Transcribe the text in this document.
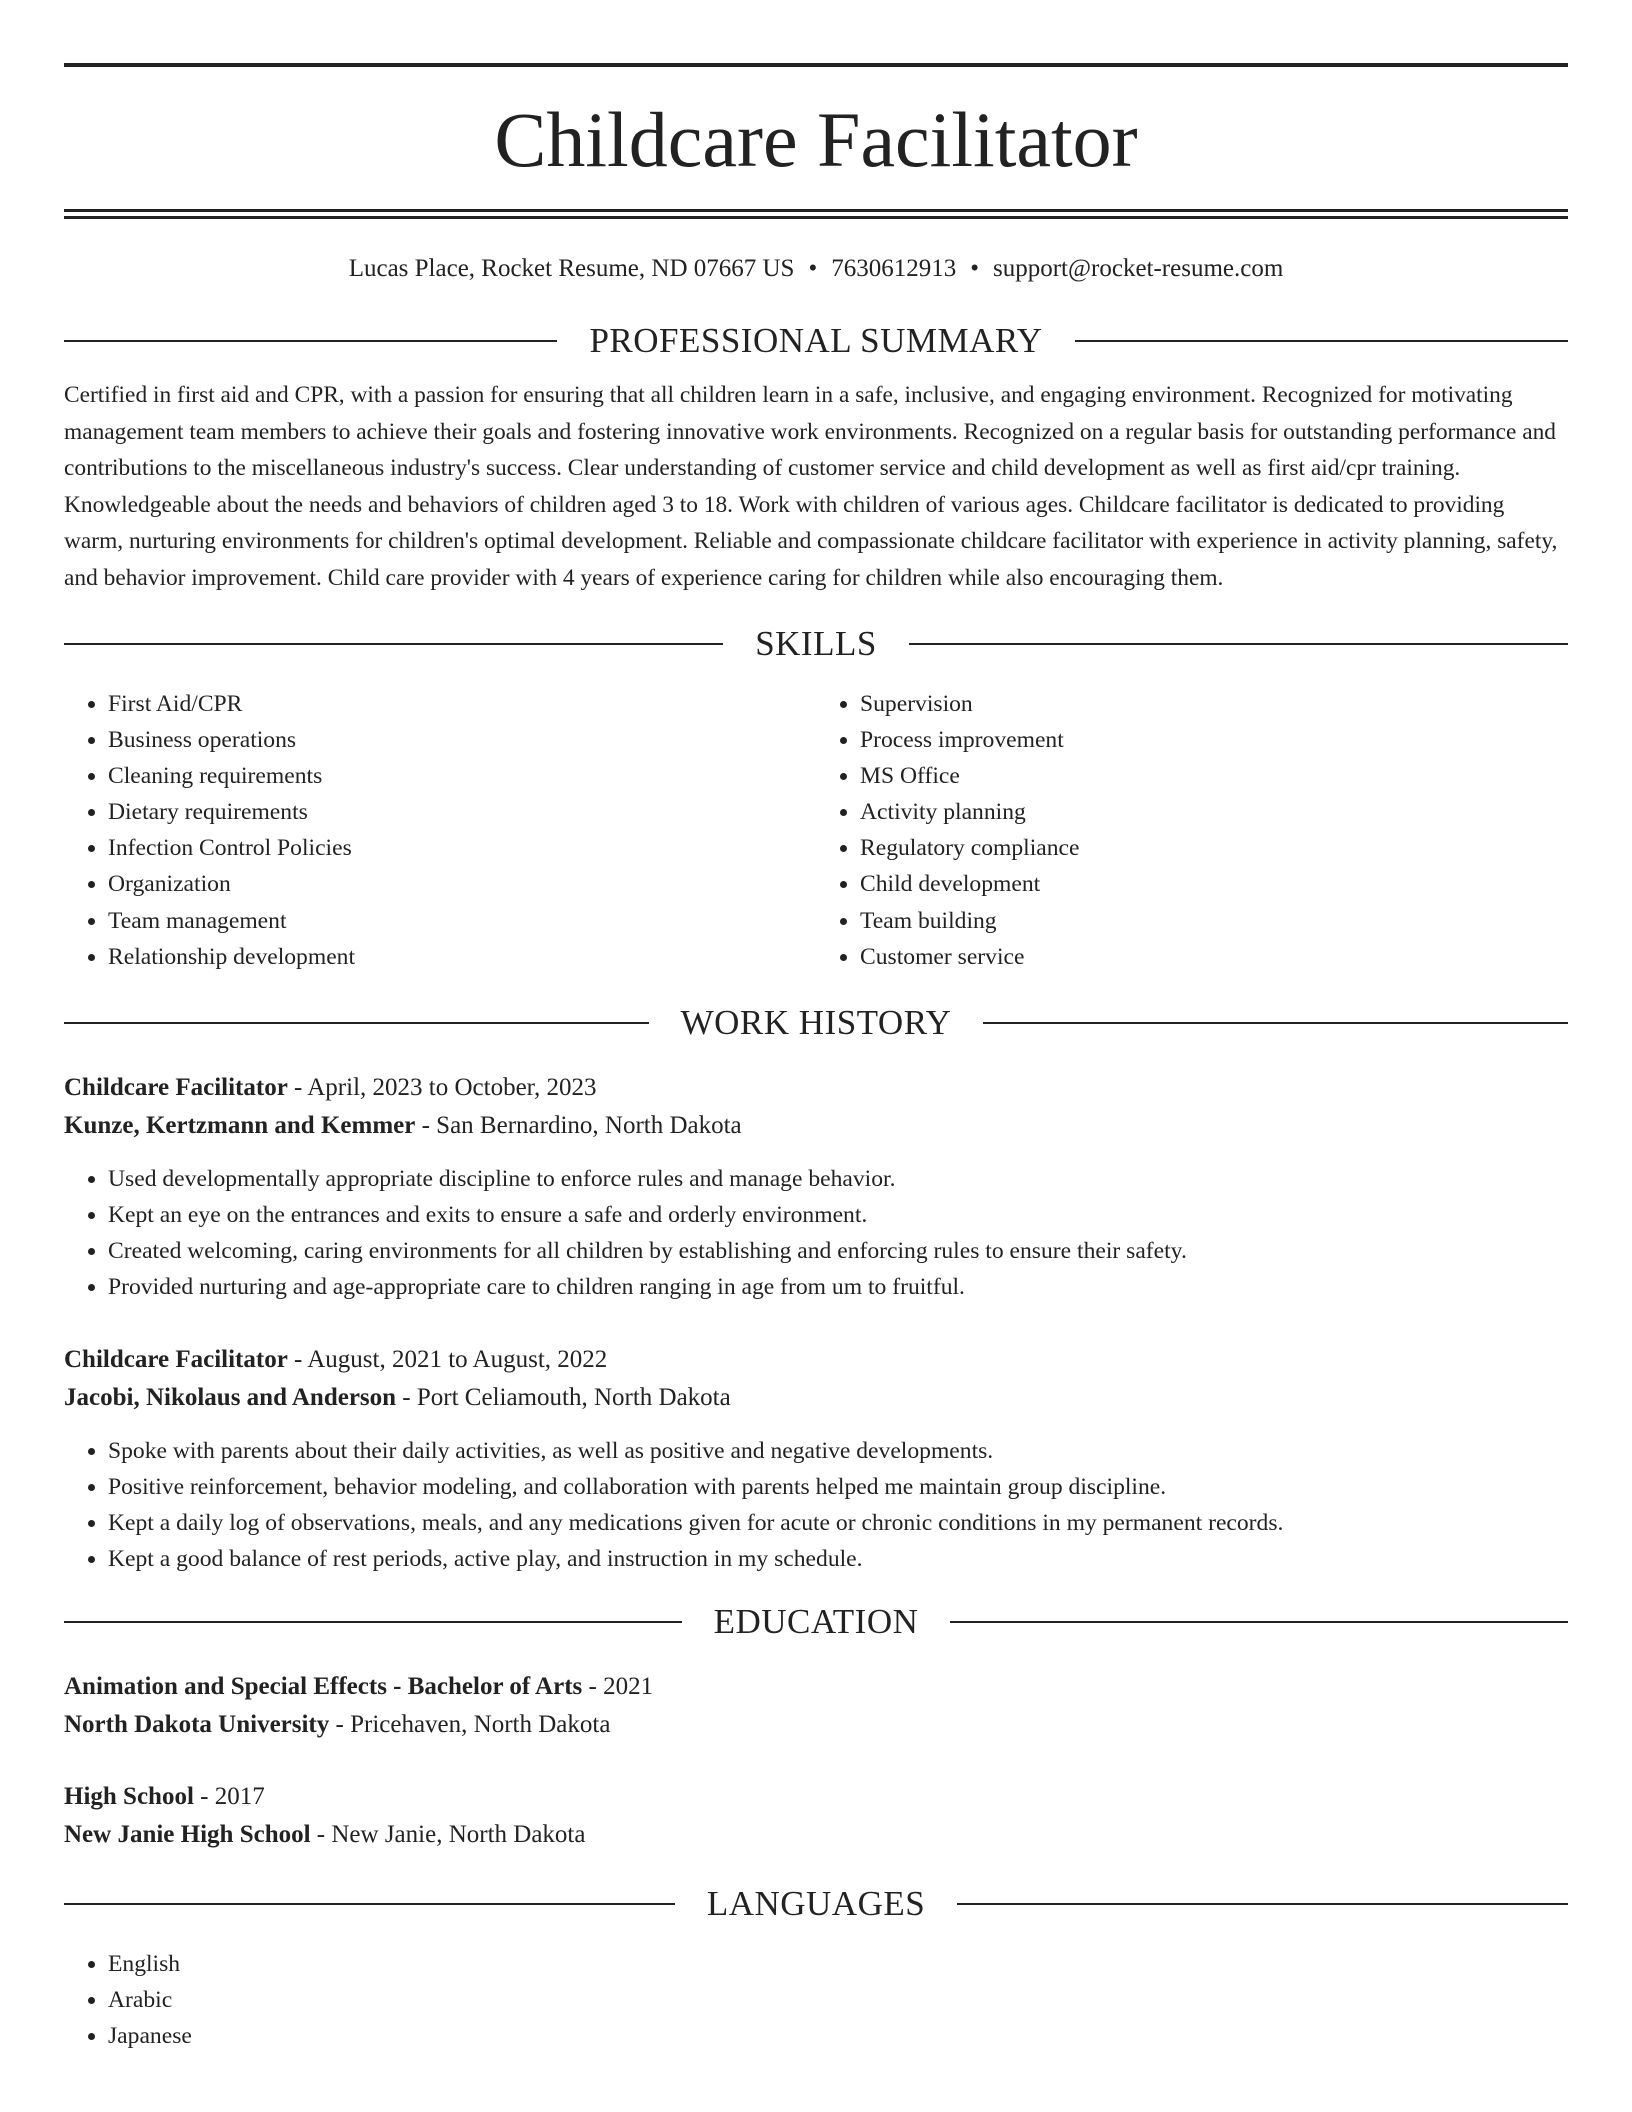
Childcare Facilitator
Lucas Place, Rocket Resume, ND 07667 US • 7630612913 • support@rocket-resume.com
PROFESSIONAL SUMMARY
Certified in first aid and CPR, with a passion for ensuring that all children learn in a safe, inclusive, and engaging environment. Recognized for motivating management team members to achieve their goals and fostering innovative work environments. Recognized on a regular basis for outstanding performance and contributions to the miscellaneous industry's success. Clear understanding of customer service and child development as well as first aid/cpr training. Knowledgeable about the needs and behaviors of children aged 3 to 18. Work with children of various ages. Childcare facilitator is dedicated to providing warm, nurturing environments for children's optimal development. Reliable and compassionate childcare facilitator with experience in activity planning, safety, and behavior improvement. Child care provider with 4 years of experience caring for children while also encouraging them.
SKILLS
• First Aid/CPR
• Business operations
• Cleaning requirements
• Dietary requirements
• Infection Control Policies
• Organization
• Team management
• Relationship development
• Supervision
• Process improvement
• MS Office
• Activity planning
• Regulatory compliance
• Child development
• Team building
• Customer service
WORK HISTORY
Childcare Facilitator - April, 2023 to October, 2023
Kunze, Kertzmann and Kemmer - San Bernardino, North Dakota
• Used developmentally appropriate discipline to enforce rules and manage behavior.
• Kept an eye on the entrances and exits to ensure a safe and orderly environment.
• Created welcoming, caring environments for all children by establishing and enforcing rules to ensure their safety.
• Provided nurturing and age-appropriate care to children ranging in age from um to fruitful.
Childcare Facilitator - August, 2021 to August, 2022
Jacobi, Nikolaus and Anderson - Port Celiamouth, North Dakota
• Spoke with parents about their daily activities, as well as positive and negative developments.
• Positive reinforcement, behavior modeling, and collaboration with parents helped me maintain group discipline.
• Kept a daily log of observations, meals, and any medications given for acute or chronic conditions in my permanent records.
• Kept a good balance of rest periods, active play, and instruction in my schedule.
EDUCATION
Animation and Special Effects - Bachelor of Arts - 2021
North Dakota University - Pricehaven, North Dakota
High School - 2017
New Janie High School - New Janie, North Dakota
LANGUAGES
• English
• Arabic
• Japanese
